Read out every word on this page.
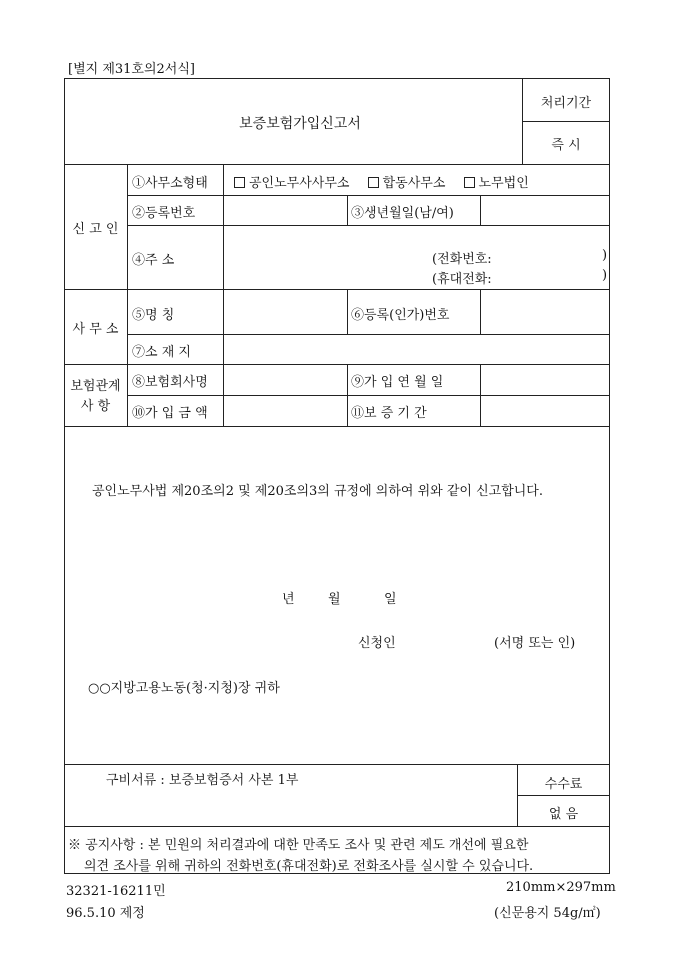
[별지 제31호의2서식]
보증보험가입신고서
처리기간
즉 시
신 고 인
①사무소형태	공인노무사사무소	합동사무소	노무법인
②등록번호	③생년월일(남/여)
④주 소	(전화번호:	)
(휴대전화:	)
사 무 소
⑤명 칭	⑥등록(인가)번호
⑦소 재 지
보험관계
사 항
⑧보험회사명	⑨가 입 연 월 일
⑩가 입 금 액	⑪보 증 기 간
공인노무사법 제20조의2 및 제20조의3의 규정에 의하여 위와 같이 신고합니다.
년	월	일
신청인	(서명 또는 인)
○○지방고용노동(청·지청)장 귀하
구비서류 : 보증보험증서 사본 1부	수수료
없 음
※ 공지사항 : 본 민원의 처리결과에 대한 만족도 조사 및 관련 제도 개선에 필요한
의견 조사를 위해 귀하의 전화번호(휴대전화)로 전화조사를 실시할 수 있습니다.
32321-16211민	210mm×297mm
96.5.10 제정	(신문용지 54g/㎡)
